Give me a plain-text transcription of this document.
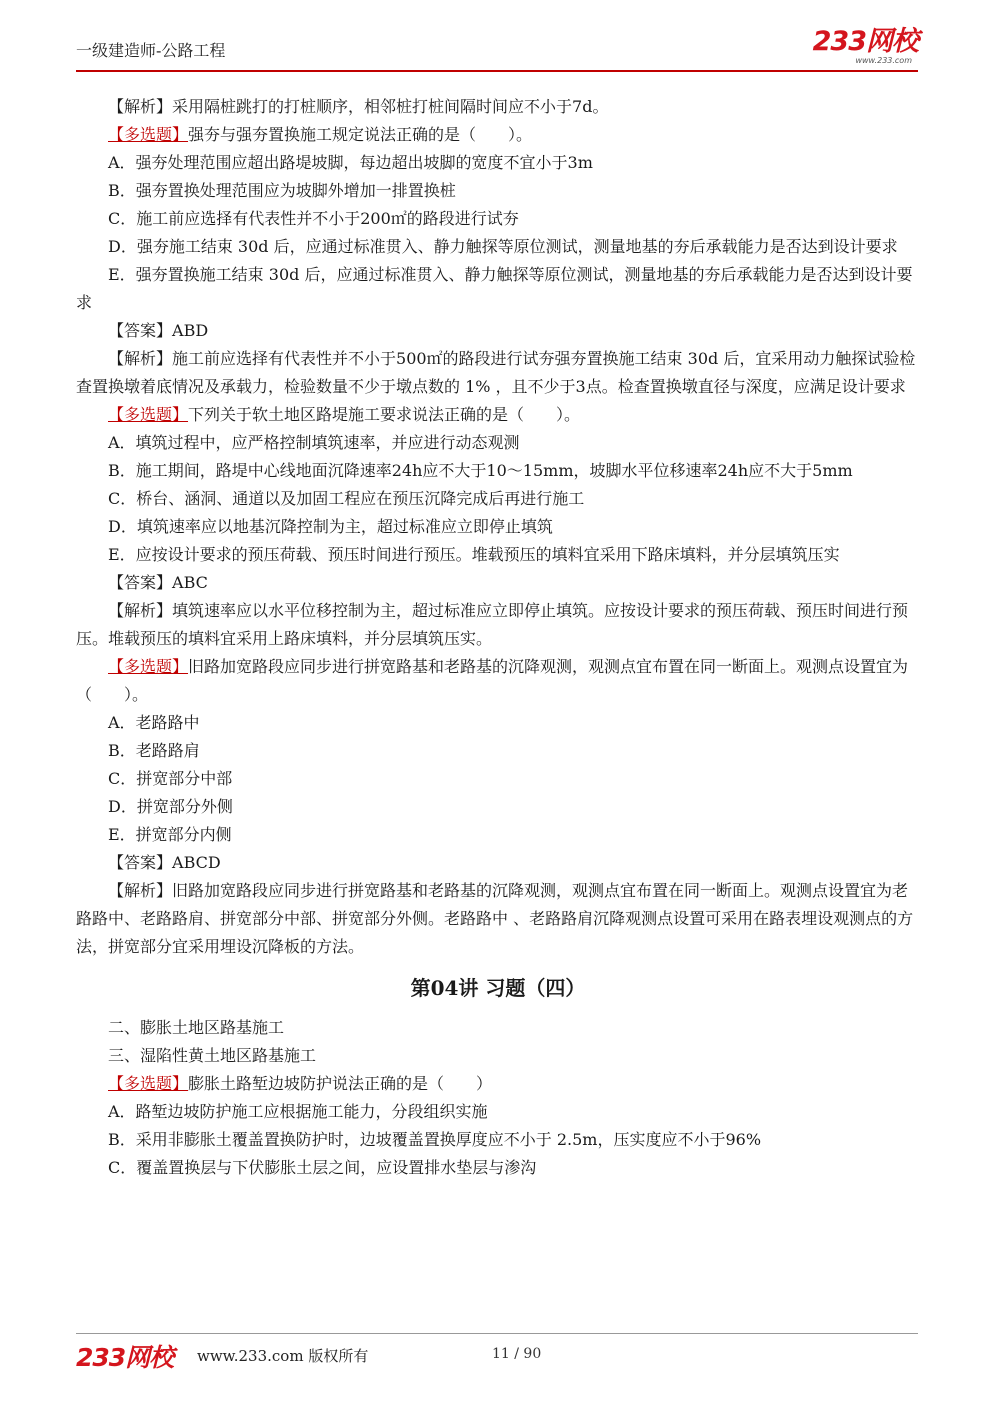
一级建造师-公路工程	233网校
www.233.com

【解析】采用隔桩跳打的打桩顺序，相邻桩打桩间隔时间应不小于7d。

【多选题】强夯与强夯置换施工规定说法正确的是（　　）。

A．强夯处理范围应超出路堤坡脚，每边超出坡脚的宽度不宜小于3m

B．强夯置换处理范围应为坡脚外增加一排置换桩

C．施工前应选择有代表性并不小于200㎡的路段进行试夯

D．强夯施工结束 30d 后，应通过标准贯入、静力触探等原位测试，测量地基的夯后承载能力是否达到设计要求

E．强夯置换施工结束 30d 后，应通过标准贯入、静力触探等原位测试，测量地基的夯后承载能力是否达到设计要求

【答案】ABD

【解析】施工前应选择有代表性并不小于500㎡的路段进行试夯强夯置换施工结束 30d 后，宜采用动力触探试验检查置换墩着底情况及承载力，检验数量不少于墩点数的 1% ，且不少于3点。检查置换墩直径与深度，应满足设计要求

【多选题】下列关于软土地区路堤施工要求说法正确的是（　　）。

A．填筑过程中，应严格控制填筑速率，并应进行动态观测

B．施工期间，路堤中心线地面沉降速率24h应不大于10～15mm，坡脚水平位移速率24h应不大于5mm

C．桥台、涵洞、通道以及加固工程应在预压沉降完成后再进行施工

D．填筑速率应以地基沉降控制为主，超过标准应立即停止填筑

E．应按设计要求的预压荷载、预压时间进行预压。堆载预压的填料宜采用下路床填料，并分层填筑压实

【答案】ABC

【解析】填筑速率应以水平位移控制为主，超过标准应立即停止填筑。应按设计要求的预压荷载、预压时间进行预压。堆载预压的填料宜采用上路床填料，并分层填筑压实。

【多选题】旧路加宽路段应同步进行拼宽路基和老路基的沉降观测，观测点宜布置在同一断面上。观测点设置宜为（　　）。

A．老路路中

B．老路路肩

C．拼宽部分中部

D．拼宽部分外侧

E．拼宽部分内侧

【答案】ABCD

【解析】旧路加宽路段应同步进行拼宽路基和老路基的沉降观测，观测点宜布置在同一断面上。观测点设置宜为老路路中、老路路肩、拼宽部分中部、拼宽部分外侧。老路路中 、老路路肩沉降观测点设置可采用在路表埋设观测点的方法，拼宽部分宜采用埋设沉降板的方法。

第04讲 习题（四）

二、膨胀土地区路基施工

三、湿陷性黄土地区路基施工

【多选题】膨胀土路堑边坡防护说法正确的是（　　）

A．路堑边坡防护施工应根据施工能力，分段组织实施

B．采用非膨胀土覆盖置换防护时，边坡覆盖置换厚度应不小于 2.5m，压实度应不小于96%

C．覆盖置换层与下伏膨胀土层之间，应设置排水垫层与渗沟

233网校 www.233.com 版权所有	11 / 90
